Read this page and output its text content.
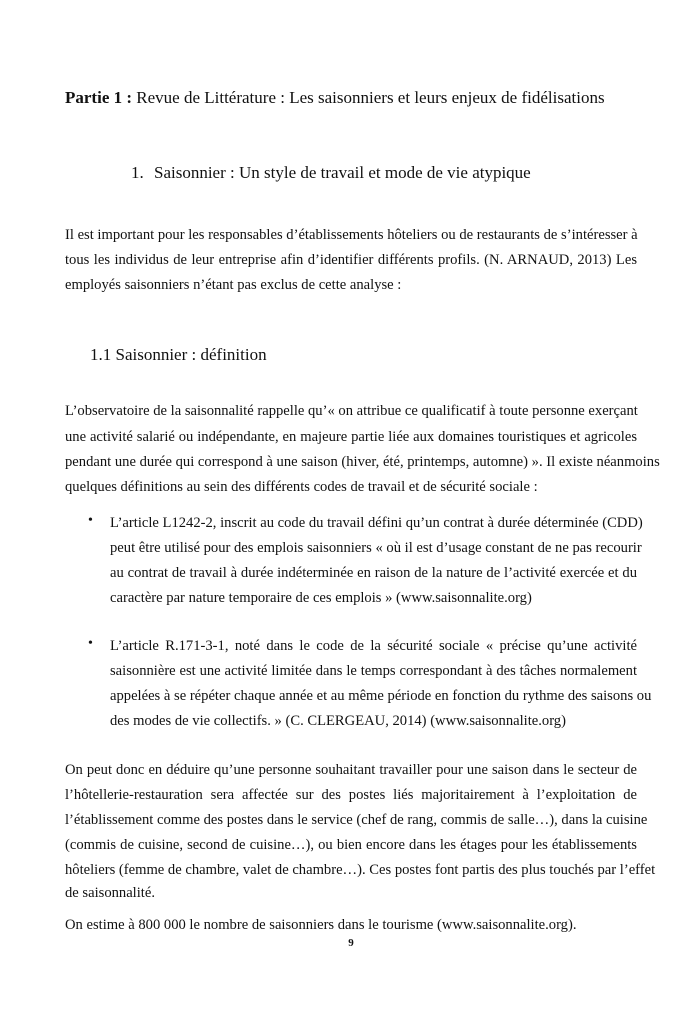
Partie 1 : Revue de Littérature : Les saisonniers et leurs enjeux de fidélisations
1. Saisonnier : Un style de travail et mode de vie atypique
Il est important pour les responsables d’établissements hôteliers ou de restaurants de s’intéresser à
tous les individus de leur entreprise afin d’identifier différents profils. (N. ARNAUD, 2013) Les
employés saisonniers n’étant pas exclus de cette analyse :
1.1 Saisonnier : définition
L’observatoire de la saisonnalité rappelle qu’« on attribue ce qualificatif à toute personne exerçant
une activité salarié ou indépendante, en majeure partie liée aux domaines touristiques et agricoles
pendant une durée qui correspond à une saison (hiver, été, printemps, automne) ». Il existe néanmoins
quelques définitions au sein des différents codes de travail et de sécurité sociale :
• L’article L1242-2, inscrit au code du travail défini qu’un contrat à durée déterminée (CDD)
peut être utilisé pour des emplois saisonniers « où il est d’usage constant de ne pas recourir
au contrat de travail à durée indéterminée en raison de la nature de l’activité exercée et du
caractère par nature temporaire de ces emplois » (www.saisonnalite.org)
• L’article R.171-3-1, noté dans le code de la sécurité sociale « précise qu’une activité
saisonnière est une activité limitée dans le temps correspondant à des tâches normalement
appelées à se répéter chaque année et au même période en fonction du rythme des saisons ou
des modes de vie collectifs. » (C. CLERGEAU, 2014) (www.saisonnalite.org)
On peut donc en déduire qu’une personne souhaitant travailler pour une saison dans le secteur de
l’hôtellerie-restauration sera affectée sur des postes liés majoritairement à l’exploitation de
l’établissement comme des postes dans le service (chef de rang, commis de salle…), dans la cuisine
(commis de cuisine, second de cuisine…), ou bien encore dans les étages pour les établissements
hôteliers (femme de chambre, valet de chambre…). Ces postes font partis des plus touchés par l’effet
de saisonnalité.
On estime à 800 000 le nombre de saisonniers dans le tourisme (www.saisonnalite.org).
9
